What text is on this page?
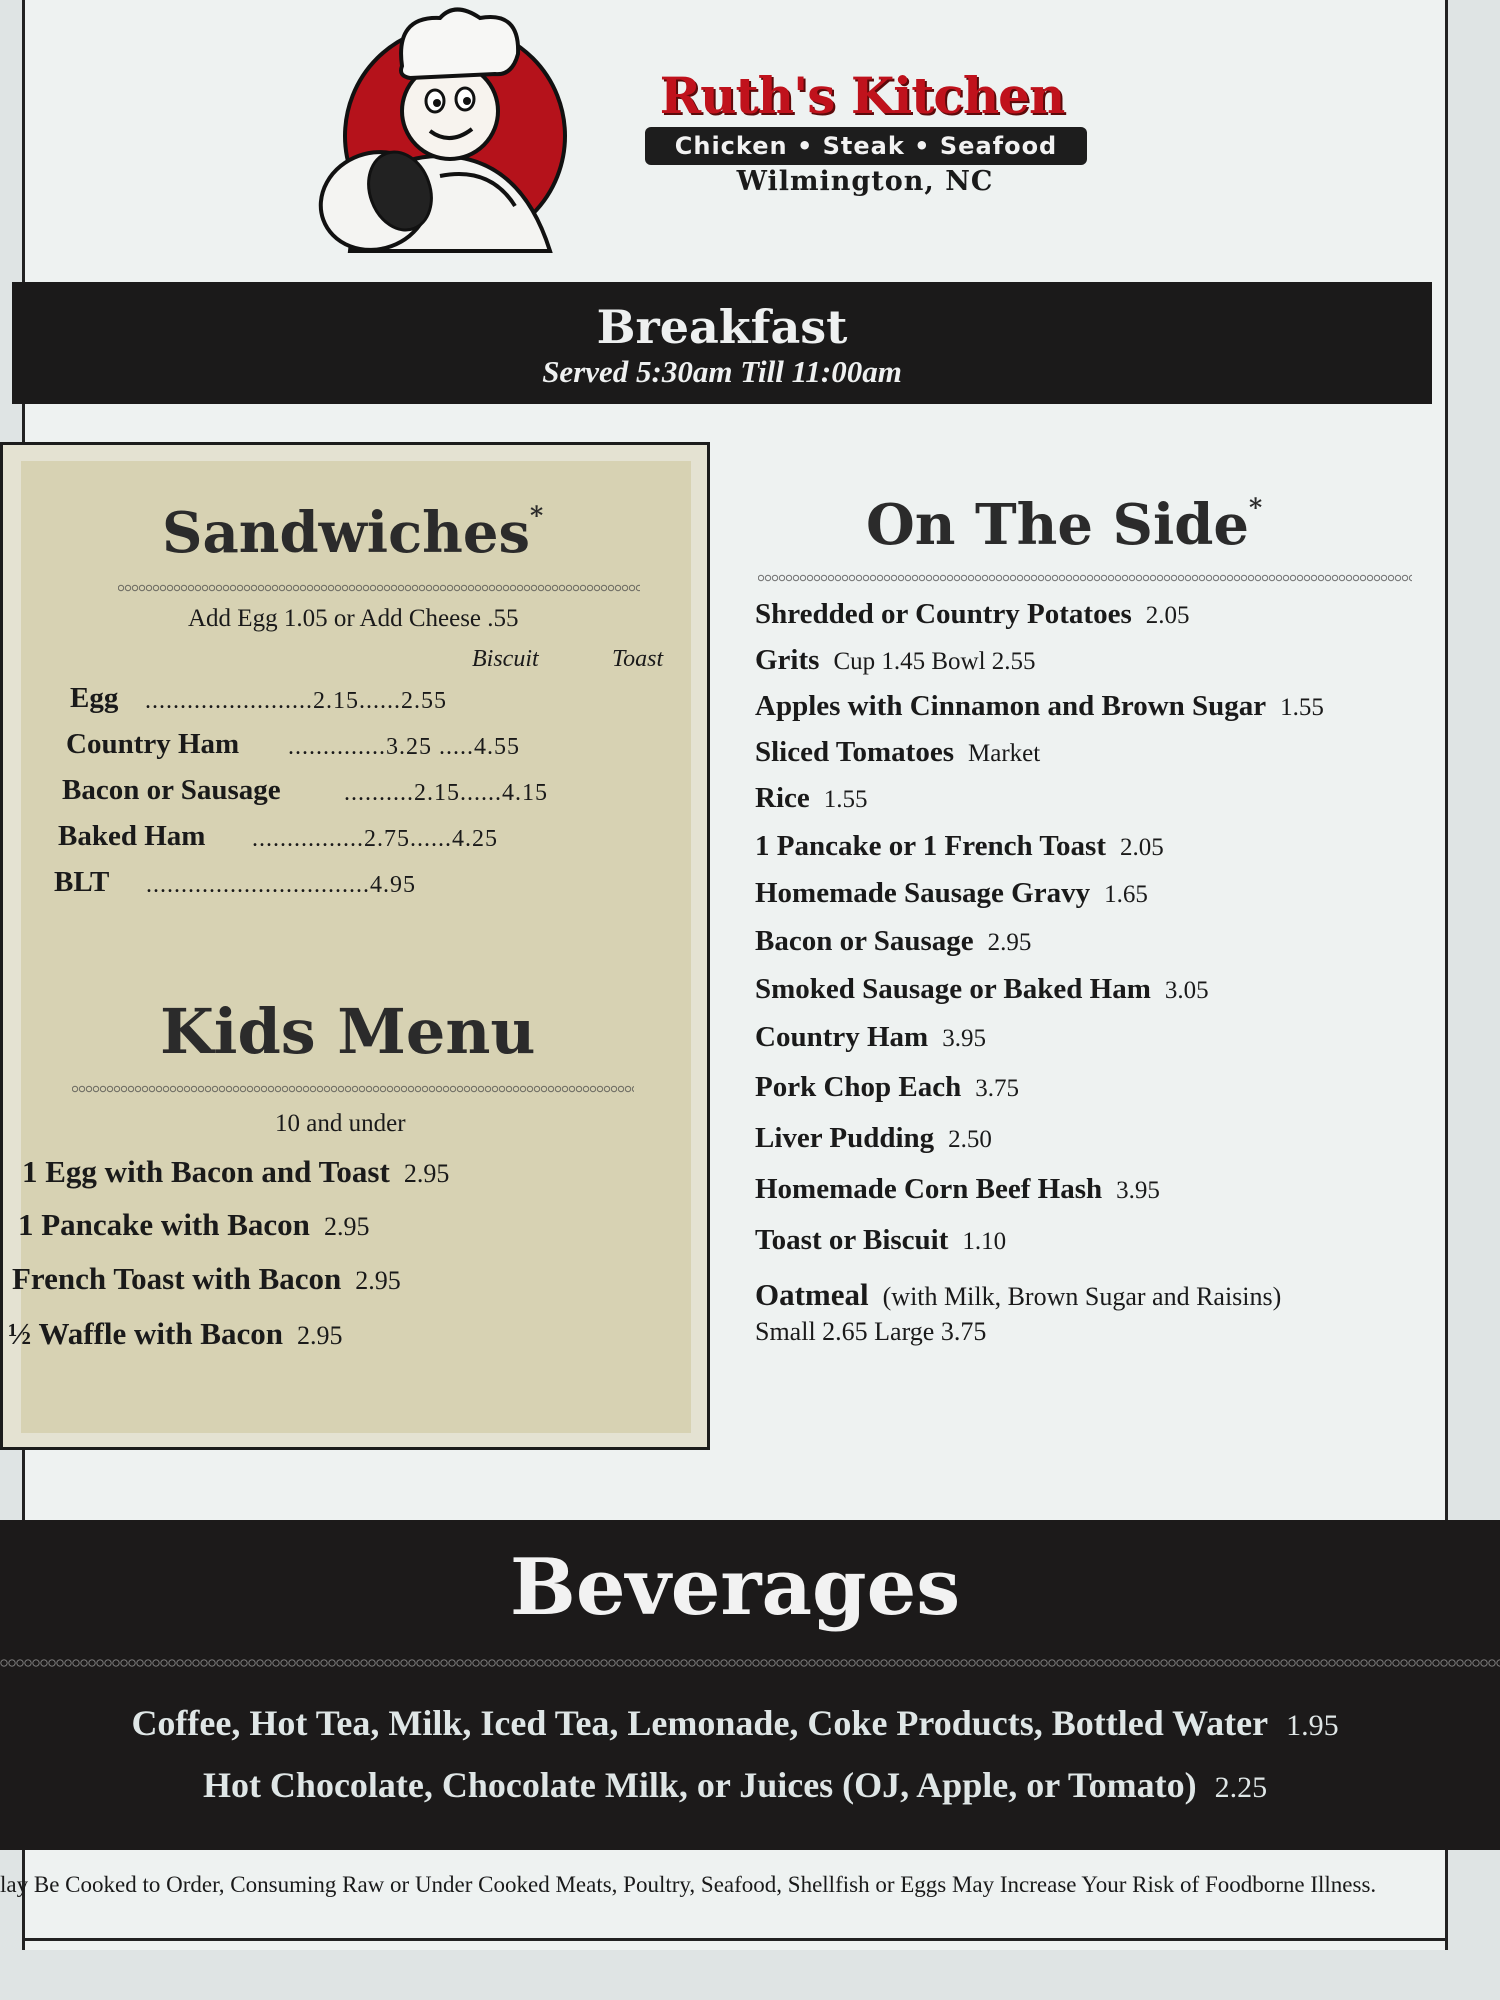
Ruth's Kitchen
Chicken • Steak • Seafood
Wilmington, NC
Breakfast
Served 5:30am Till 11:00am
Sandwiches*
Add Egg 1.05 or Add Cheese .55
Biscuit	Toast
Egg ........................2.15......2.55
Country Ham ..............3.25 .....4.55
Bacon or Sausage	..........2.15......4.15
Baked Ham ................2.75......4.25
BLT ................................4.95
Kids Menu
10 and under
1 Egg with Bacon and Toast 2.95
1 Pancake with Bacon 2.95
French Toast with Bacon 2.95
½ Waffle with Bacon 2.95
On The Side*
Shredded or Country Potatoes 2.05
Grits Cup 1.45 Bowl 2.55
Apples with Cinnamon and Brown Sugar 1.55
Sliced Tomatoes Market
Rice 1.55
1 Pancake or 1 French Toast 2.05
Homemade Sausage Gravy 1.65
Bacon or Sausage 2.95
Smoked Sausage or Baked Ham 3.05
Country Ham 3.95
Pork Chop Each 3.75
Liver Pudding 2.50
Homemade Corn Beef Hash 3.95
Toast or Biscuit 1.10
Oatmeal (with Milk, Brown Sugar and Raisins)
Small 2.65 Large 3.75
Beverages
Coffee, Hot Tea, Milk, Iced Tea, Lemonade, Coke Products, Bottled Water 1.95
Hot Chocolate, Chocolate Milk, or Juices (OJ, Apple, or Tomato) 2.25
lay Be Cooked to Order, Consuming Raw or Under Cooked Meats, Poultry, Seafood, Shellfish or Eggs May Increase Your Risk of Foodborne Illness.
